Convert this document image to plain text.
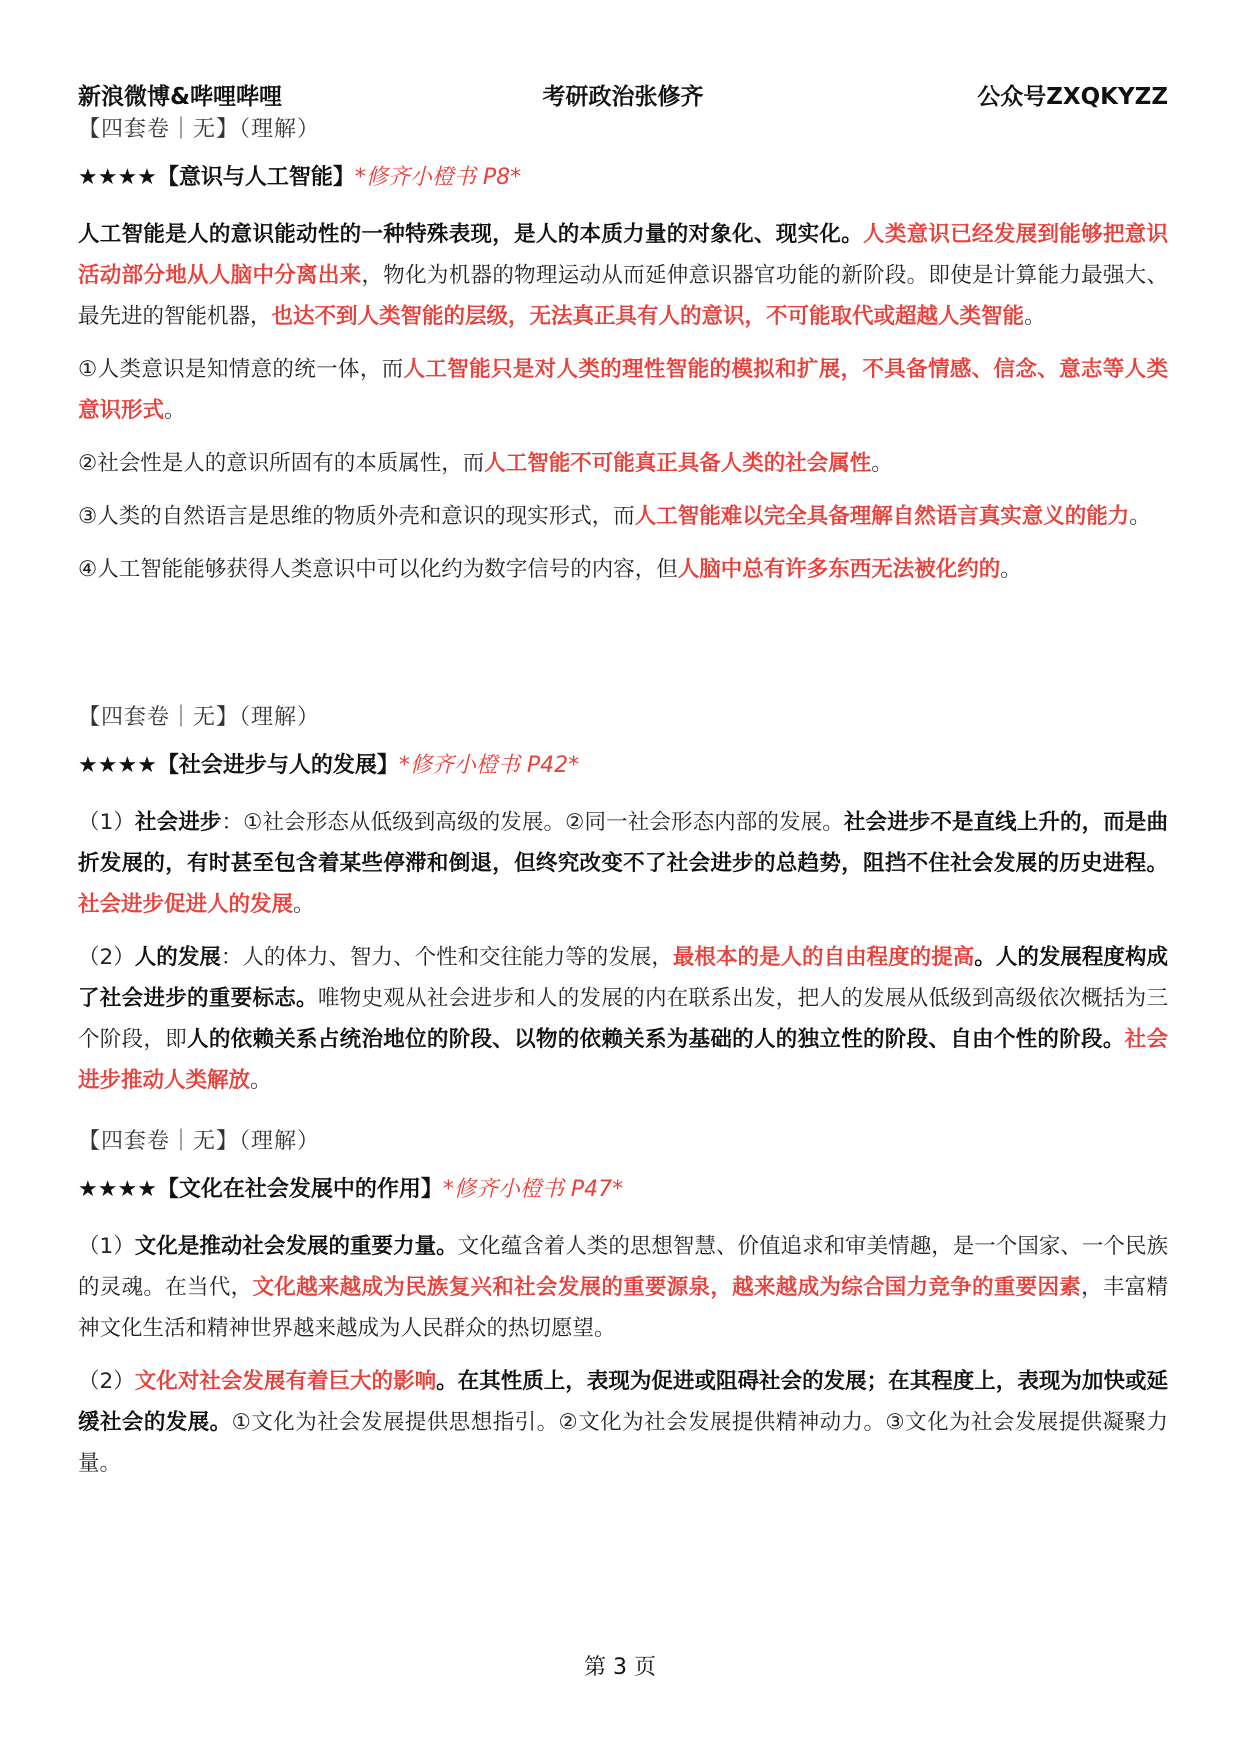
新浪微博&哔哩哔哩	考研政治张修齐	公众号ZXQKYZZ
【四套卷｜无】（理解）
★★★★【意识与人工智能】*修齐小橙书 P8*

人工智能是人的意识能动性的一种特殊表现，是人的本质力量的对象化、现实化。人类意识已经发展到能够把意识活动部分地从人脑中分离出来，物化为机器的物理运动从而延伸意识器官功能的新阶段。即使是计算能力最强大、最先进的智能机器，也达不到人类智能的层级，无法真正具有人的意识，不可能取代或超越人类智能。

①人类意识是知情意的统一体，而人工智能只是对人类的理性智能的模拟和扩展，不具备情感、信念、意志等人类意识形式。

②社会性是人的意识所固有的本质属性，而人工智能不可能真正具备人类的社会属性。

③人类的自然语言是思维的物质外壳和意识的现实形式，而人工智能难以完全具备理解自然语言真实意义的能力。

④人工智能能够获得人类意识中可以化约为数字信号的内容，但人脑中总有许多东西无法被化约的。

【四套卷｜无】（理解）
★★★★【社会进步与人的发展】*修齐小橙书 P42*

（1）社会进步：①社会形态从低级到高级的发展。②同一社会形态内部的发展。社会进步不是直线上升的，而是曲折发展的，有时甚至包含着某些停滞和倒退，但终究改变不了社会进步的总趋势，阻挡不住社会发展的历史进程。社会进步促进人的发展。

（2）人的发展：人的体力、智力、个性和交往能力等的发展，最根本的是人的自由程度的提高。人的发展程度构成了社会进步的重要标志。唯物史观从社会进步和人的发展的内在联系出发，把人的发展从低级到高级依次概括为三个阶段，即人的依赖关系占统治地位的阶段、以物的依赖关系为基础的人的独立性的阶段、自由个性的阶段。社会进步推动人类解放。

【四套卷｜无】（理解）
★★★★【文化在社会发展中的作用】*修齐小橙书 P47*

（1）文化是推动社会发展的重要力量。文化蕴含着人类的思想智慧、价值追求和审美情趣，是一个国家、一个民族的灵魂。在当代，文化越来越成为民族复兴和社会发展的重要源泉，越来越成为综合国力竞争的重要因素，丰富精神文化生活和精神世界越来越成为人民群众的热切愿望。

（2）文化对社会发展有着巨大的影响。在其性质上，表现为促进或阻碍社会的发展；在其程度上，表现为加快或延缓社会的发展。①文化为社会发展提供思想指引。②文化为社会发展提供精神动力。③文化为社会发展提供凝聚力量。

第 3 页
